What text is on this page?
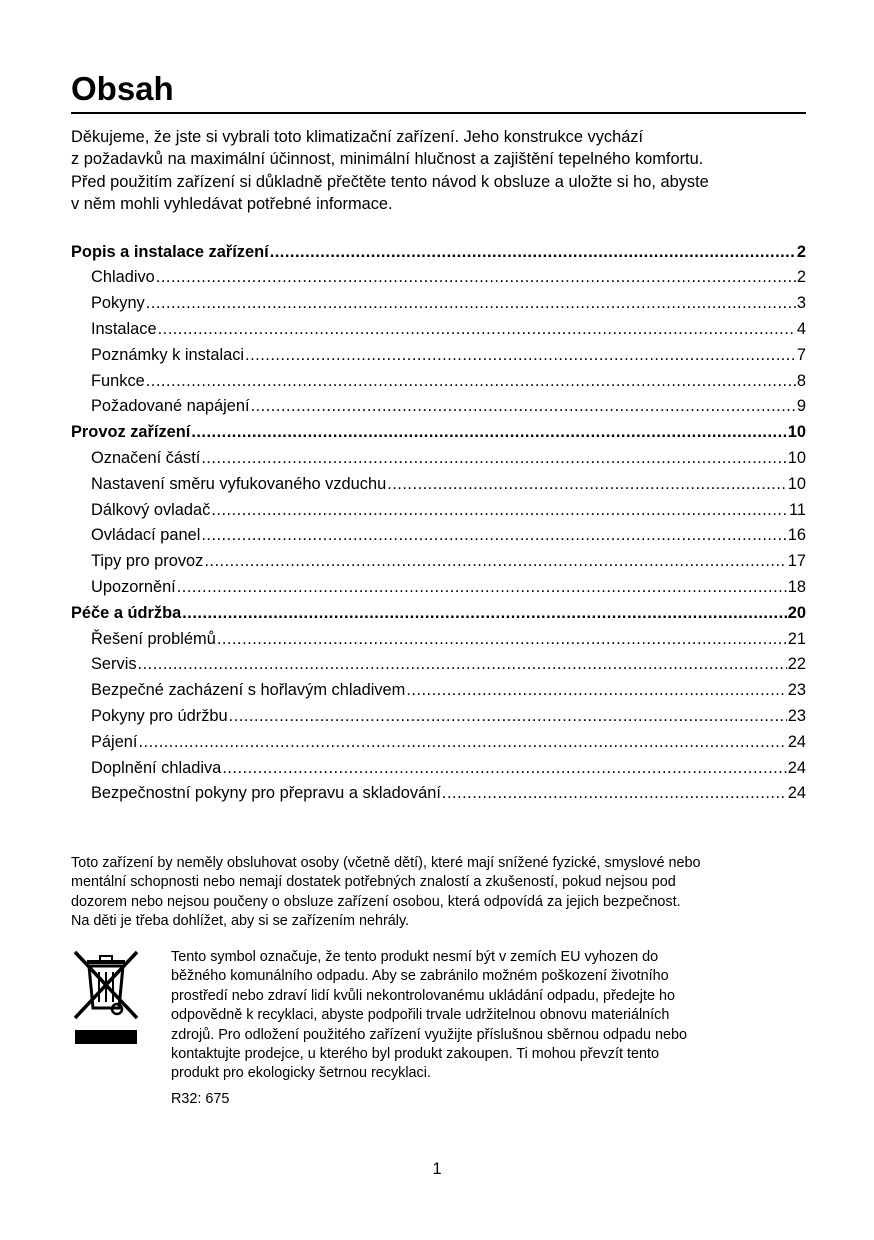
Obsah

Děkujeme, že jste si vybrali toto klimatizační zařízení. Jeho konstrukce vychází
z požadavků na maximální účinnost, minimální hlučnost a zajištění tepelného komfortu.
Před použitím zařízení si důkladně přečtěte tento návod k obsluze a uložte si ho, abyste
v něm mohli vyhledávat potřebné informace.

Popis a instalace zařízení .....	2
Chladivo .....	2
Pokyny .....	3
Instalace .....	4
Poznámky k instalaci .....	7
Funkce .....	8
Požadované napájení .....	9
Provoz zařízení .....	10
Označení částí .....	10
Nastavení směru vyfukovaného vzduchu .....	10
Dálkový ovladač .....	11
Ovládací panel .....	16
Tipy pro provoz .....	17
Upozornění .....	18
Péče a údržba .....	20
Řešení problémů .....	21
Servis .....	22
Bezpečné zacházení s hořlavým chladivem .....	23
Pokyny pro údržbu .....	23
Pájení .....	24
Doplnění chladiva .....	24
Bezpečnostní pokyny pro přepravu a skladování .....	24
Toto zařízení by neměly obsluhovat osoby (včetně dětí), které mají snížené fyzické, smyslové nebo
mentální schopnosti nebo nemají dostatek potřebných znalostí a zkušeností, pokud nejsou pod
dozorem nebo nejsou poučeny o obsluze zařízení osobou, která odpovídá za jejich bezpečnost.
Na děti je třeba dohlížet, aby si se zařízením nehrály.
Tento symbol označuje, že tento produkt nesmí být v zemích EU vyhozen do
běžného komunálního odpadu. Aby se zabránilo možném poškození životního
prostředí nebo zdraví lidí kvůli nekontrolovanému ukládání odpadu, předejte ho
odpovědně k recyklaci, abyste podpořili trvale udržitelnou obnovu materiálních
zdrojů. Pro odložení použitého zařízení využijte příslušnou sběrnou odpadu nebo
kontaktujte prodejce, u kterého byl produkt zakoupen. Ti mohou převzít tento
produkt pro ekologicky šetrnou recyklaci.
R32: 675
1
